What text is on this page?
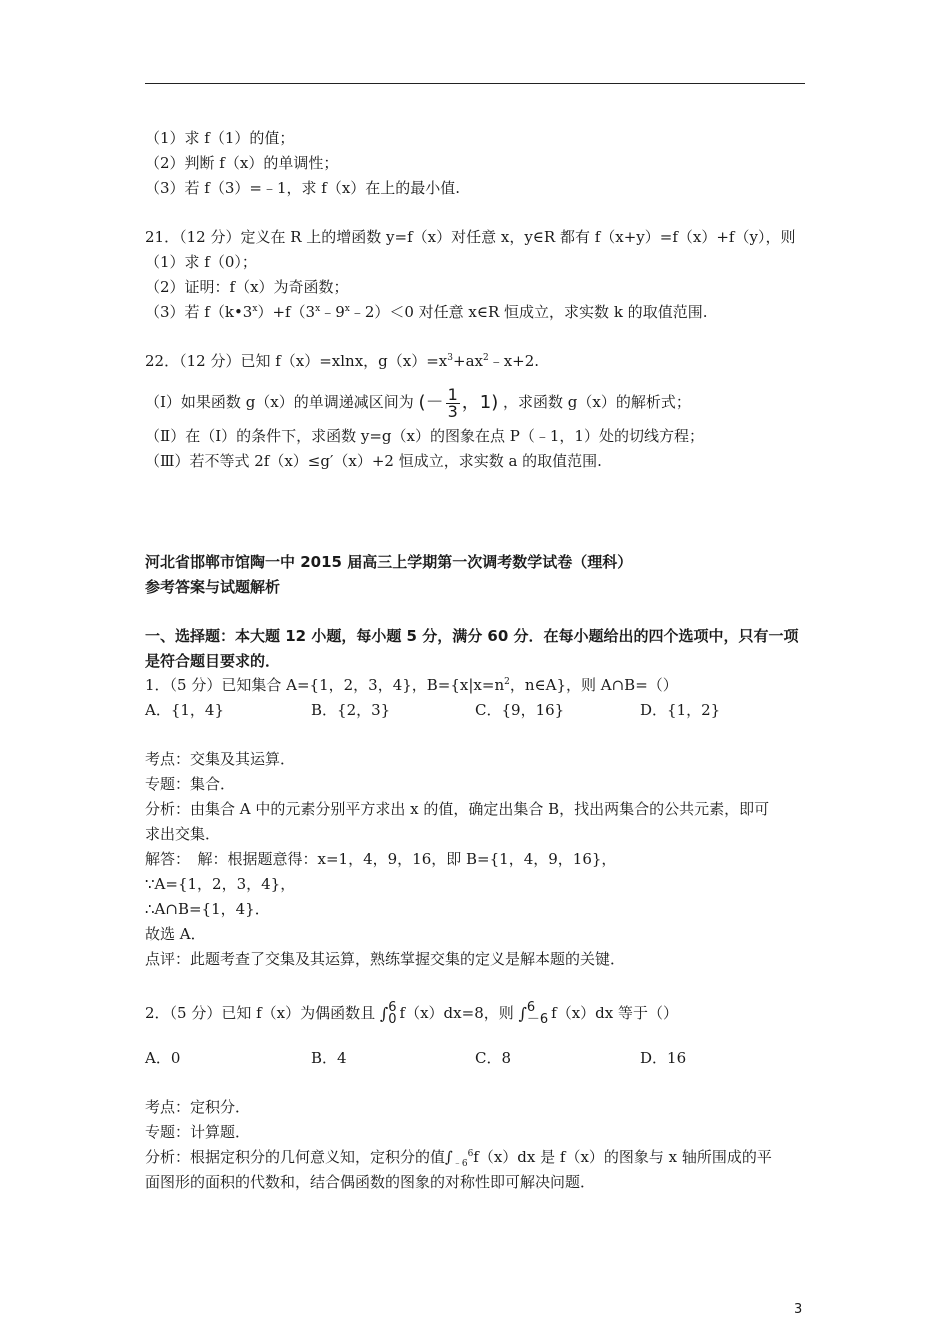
（1）求 f（1）的值；
（2）判断 f（x）的单调性；
（3）若 f（3）=﹣1，求 f（x）在上的最小值.
21．（12 分）定义在 R 上的增函数 y=f（x）对任意 x，y∈R 都有 f（x+y）=f（x）+f（y），则
（1）求 f（0）；
（2）证明：f（x）为奇函数；
（3）若 $f(k•3^x)+f(3^x﹣9^x﹣2)<0$ 对任意 x∈R 恒成立，求实数 k 的取值范围.
22．（12 分）已知 f（x）=xlnx，$g(x)=x^3+ax^2﹣x+2$.
（Ⅰ）如果函数 g（x）的单调递减区间为 (－ $\frac{1}{3}$ ，1) ，求函数 g（x）的解析式；
（Ⅱ）在（Ⅰ）的条件下，求函数 y=g（x）的图象在点 P（﹣1，1）处的切线方程；
（Ⅲ）若不等式 2f（x）≤g′（x）+2 恒成立，求实数 a 的取值范围.
河北省邯郸市馆陶一中 2015 届高三上学期第一次调考数学试卷（理科）
参考答案与试题解析
一、选择题：本大题 12 小题，每小题 5 分，满分 60 分．在每小题给出的四个选项中，只有一项
是符合题目要求的．
1．（5 分）已知集合 A={1，2，3，4}，$B=\{x|x=n^2$，n∈A}，则 A∩B=（）
A．{1，4}	B．{2，3}	C．{9，16}	D．{1，2}
考点：交集及其运算．
专题：集合．
分析：由集合 A 中的元素分别平方求出 x 的值，确定出集合 B，找出两集合的公共元素，即可
求出交集．
解答：　解：根据题意得：x=1，4，9，16，即 B={1，4，9，16}，
∵A={1，2，3，4}，
∴A∩B={1，4}．
故选 A．
点评：此题考查了交集及其运算，熟练掌握交集的定义是解本题的关键．
2．（5 分）已知 f（x）为偶函数且 ∫ 6
0 f（x）dx=8，则 ∫ 6
－6 f（x）dx 等于（）
A．0	B．4	C．8	D．16
考点：定积分．
专题：计算题．
分析：根据定积分的几何意义知，定积分的值$\int_{﹣6}^6f(x)dx$ 是 f（x）的图象与 x 轴所围成的平
面图形的面积的代数和，结合偶函数的图象的对称性即可解决问题．
3
